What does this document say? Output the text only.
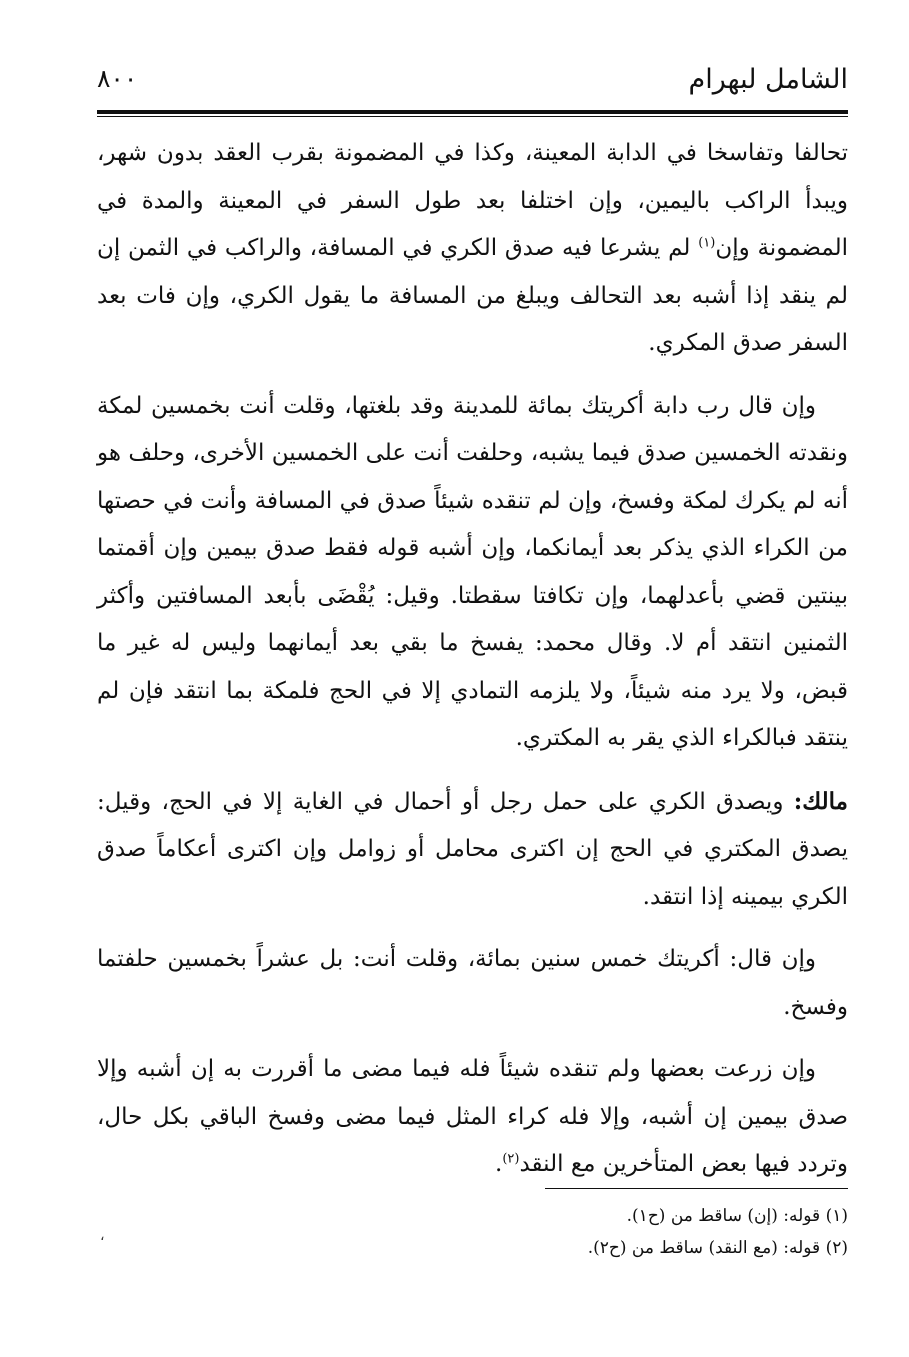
الشامل لبهرام
٨٠٠

تحالفا وتفاسخا في الدابة المعينة، وكذا في المضمونة بقرب العقد بدون شهر، ويبدأ الراكب باليمين، وإن اختلفا بعد طول السفر في المعينة والمدة في المضمونة وإن$^{(١)}$ لم يشرعا فيه صدق الكري في المسافة، والراكب في الثمن إن لم ينقد إذا أشبه بعد التحالف ويبلغ من المسافة ما يقول الكري، وإن فات بعد السفر صدق المكري.

وإن قال رب دابة أكريتك بمائة للمدينة وقد بلغتها، وقلت أنت بخمسين لمكة ونقدته الخمسين صدق فيما يشبه، وحلفت أنت على الخمسين الأخرى، وحلف هو أنه لم يكرك لمكة وفسخ، وإن لم تنقده شيئاً صدق في المسافة وأنت في حصتها من الكراء الذي يذكر بعد أيمانكما، وإن أشبه قوله فقط صدق بيمين وإن أقمتما بينتين قضي بأعدلهما، وإن تكافتا سقطتا. وقيل: يُقْضَى بأبعد المسافتين وأكثر الثمنين انتقد أم لا. وقال محمد: يفسخ ما بقي بعد أيمانهما وليس له غير ما قبض، ولا يرد منه شيئاً، ولا يلزمه التمادي إلا في الحج فلمكة بما انتقد فإن لم ينتقد فبالكراء الذي يقر به المكتري.

مالك: ويصدق الكري على حمل رجل أو أحمال في الغاية إلا في الحج، وقيل: يصدق المكتري في الحج إن اكترى محامل أو زوامل وإن اكترى أعكاماً صدق الكري بيمينه إذا انتقد.

وإن قال: أكريتك خمس سنين بمائة، وقلت أنت: بل عشراً بخمسين حلفتما وفسخ.

وإن زرعت بعضها ولم تنقده شيئاً فله فيما مضى ما أقررت به إن أشبه وإلا صدق بيمين إن أشبه، وإلا فله كراء المثل فيما مضى وفسخ الباقي بكل حال، وتردد فيها بعض المتأخرين مع النقد$^{(٢)}$.

(١) قوله: (إن) ساقط من (ح١).
(٢) قوله: (مع النقد) ساقط من (ح٢).
،
